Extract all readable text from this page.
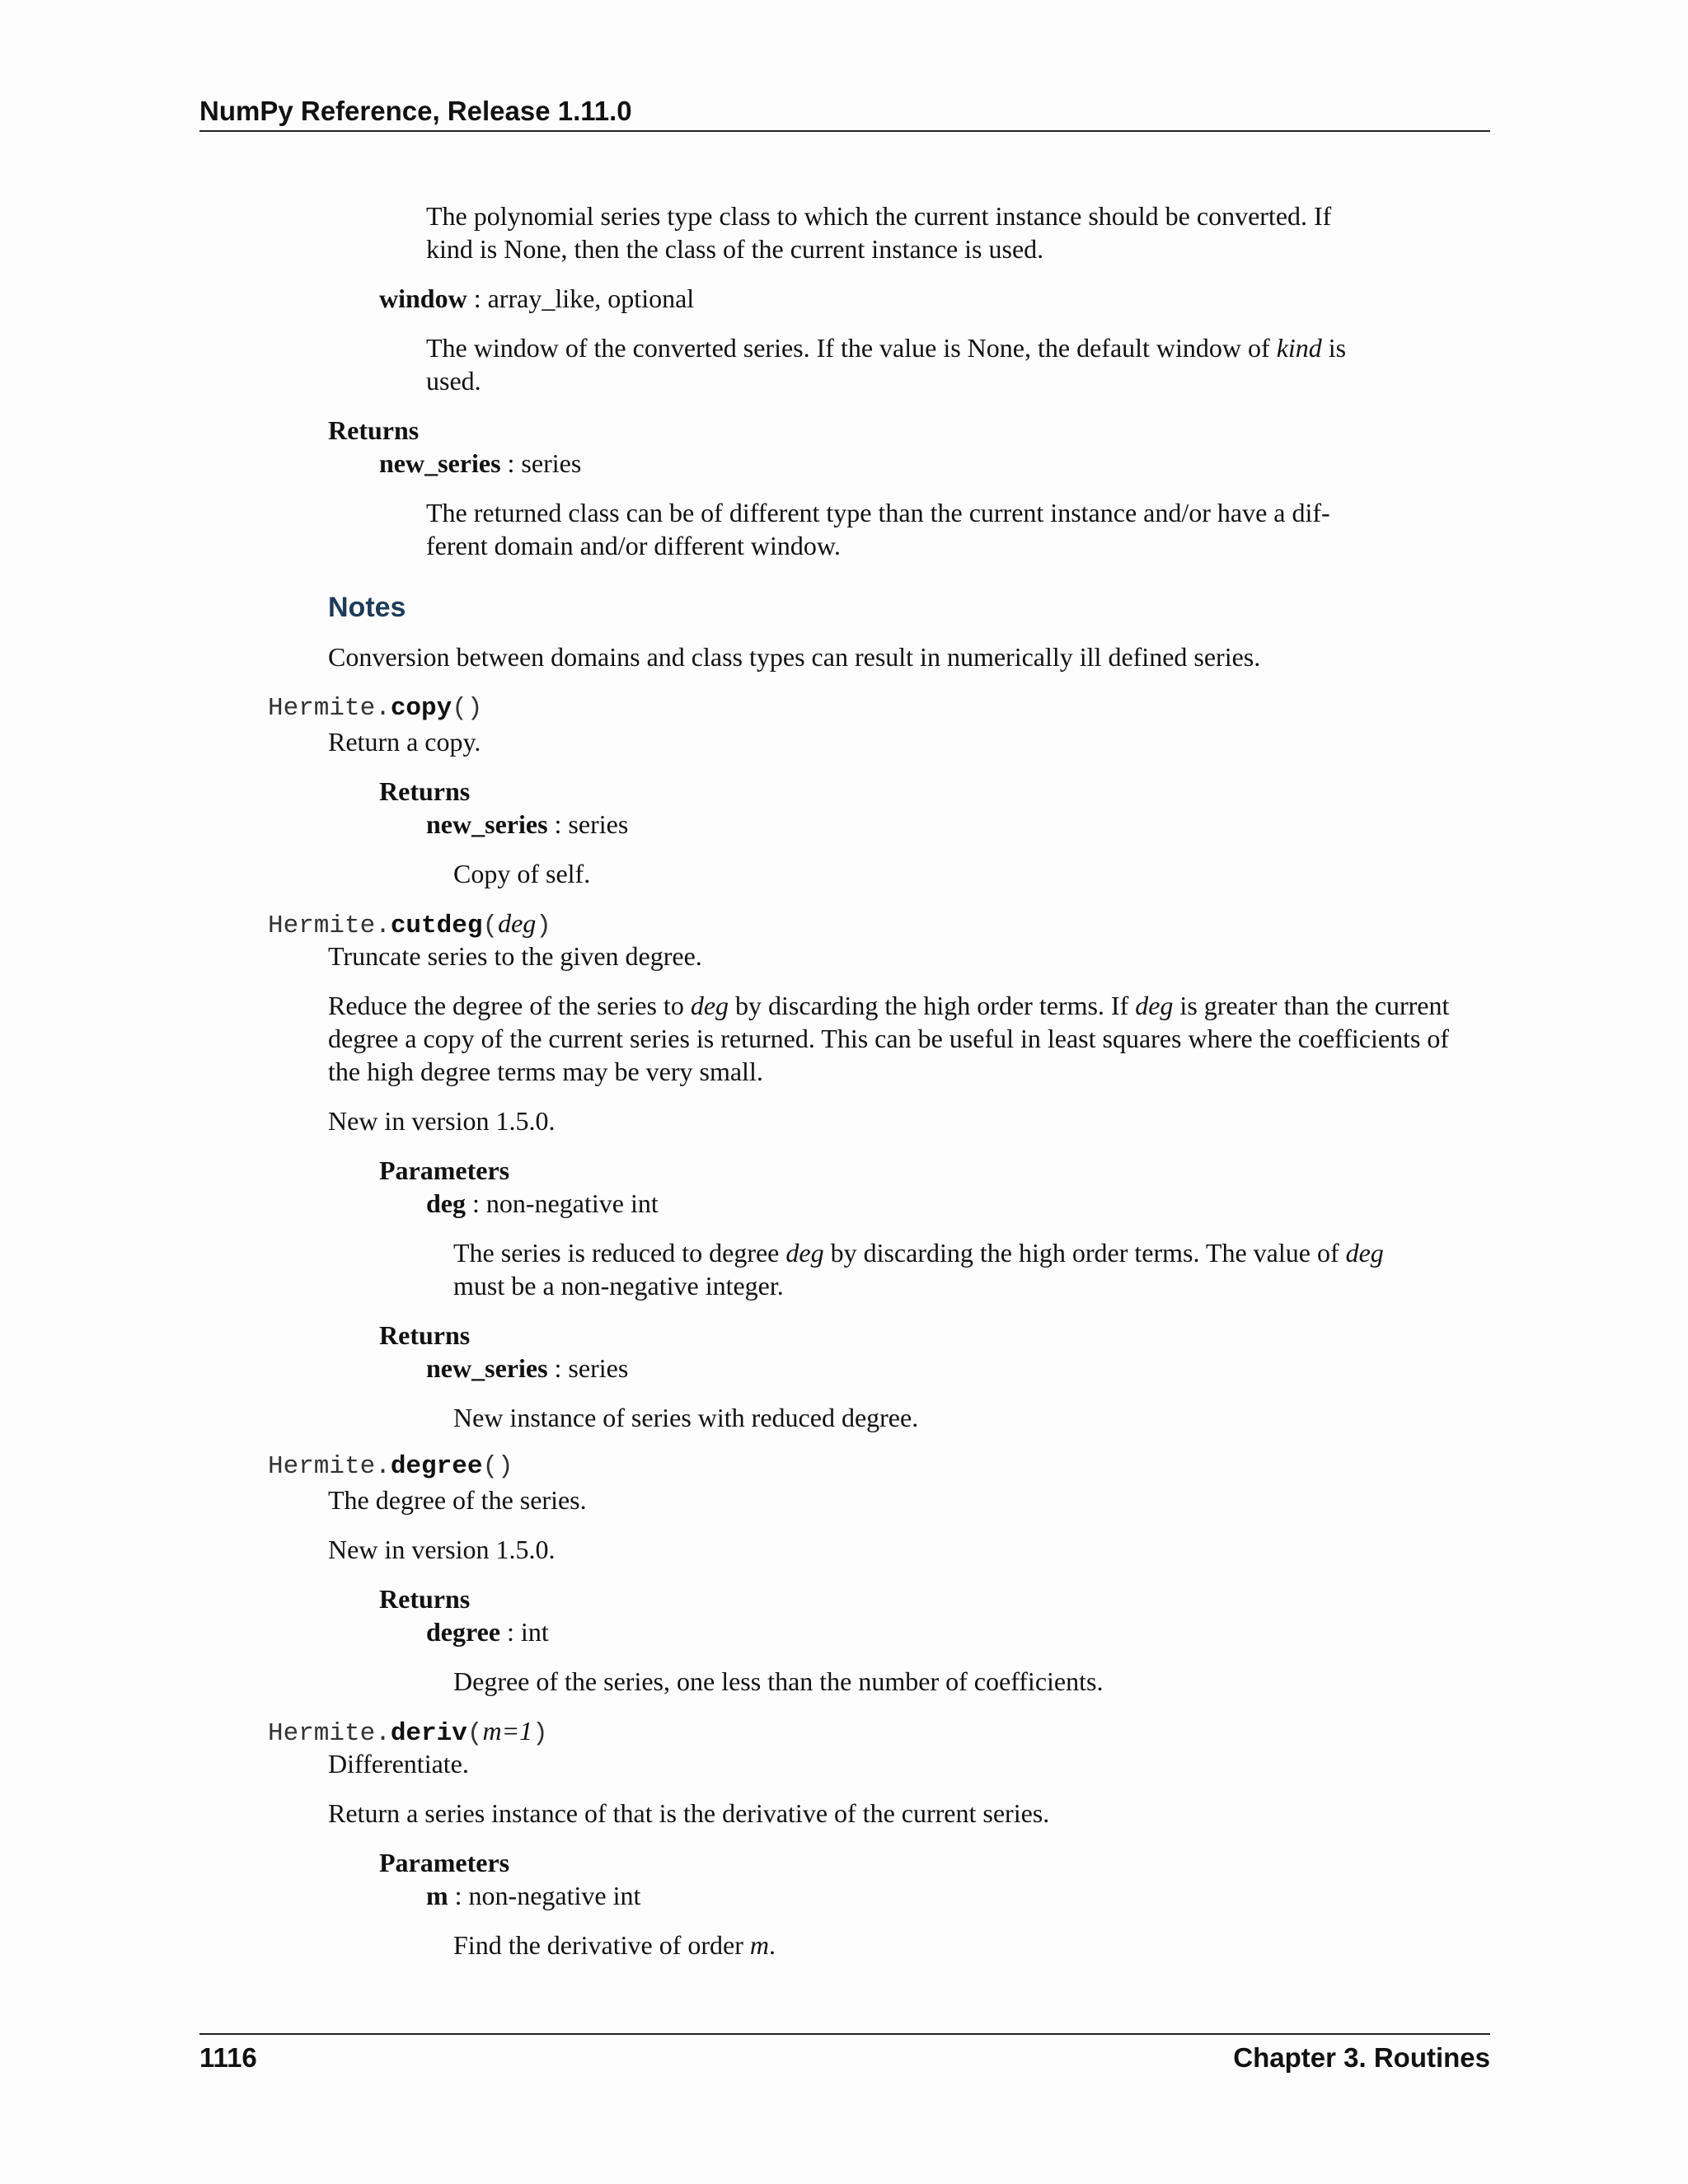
NumPy Reference, Release 1.11.0
The polynomial series type class to which the current instance should be converted. If
kind is None, then the class of the current instance is used.
window : array_like, optional
The window of the converted series. If the value is None, the default window of kind is
used.
Returns
new_series : series
The returned class can be of different type than the current instance and/or have a dif-
ferent domain and/or different window.
Notes
Conversion between domains and class types can result in numerically ill defined series.
Hermite.copy()
Return a copy.
Returns
new_series : series
Copy of self.
Hermite.cutdeg(deg)
Truncate series to the given degree.
Reduce the degree of the series to deg by discarding the high order terms. If deg is greater than the current
degree a copy of the current series is returned. This can be useful in least squares where the coefficients of
the high degree terms may be very small.
New in version 1.5.0.
Parameters
deg : non-negative int
The series is reduced to degree deg by discarding the high order terms. The value of deg
must be a non-negative integer.
Returns
new_series : series
New instance of series with reduced degree.
Hermite.degree()
The degree of the series.
New in version 1.5.0.
Returns
degree : int
Degree of the series, one less than the number of coefficients.
Hermite.deriv(m=1)
Differentiate.
Return a series instance of that is the derivative of the current series.
Parameters
m : non-negative int
Find the derivative of order m.
1116	Chapter 3. Routines
